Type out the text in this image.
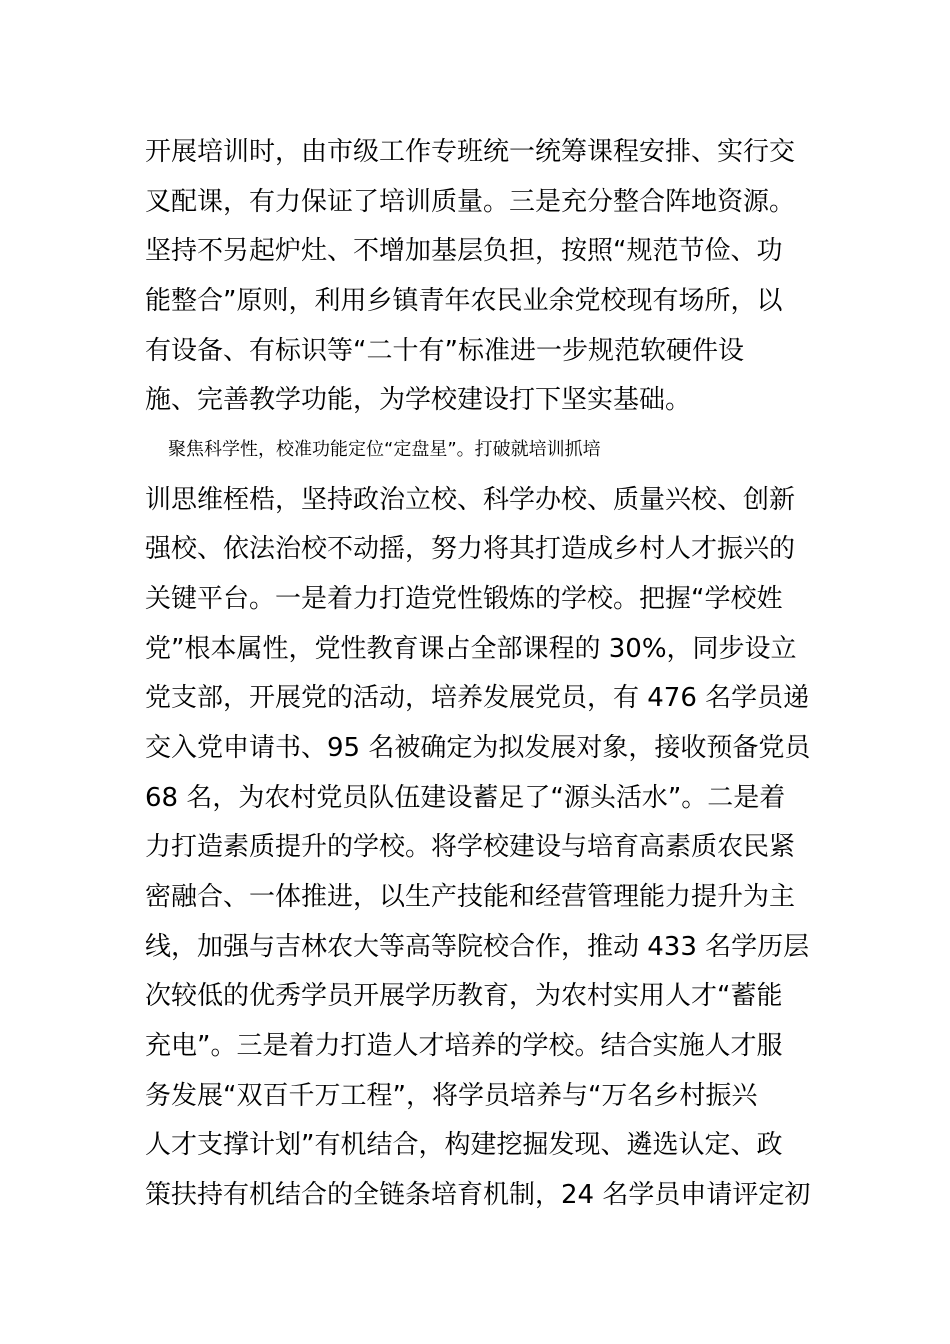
开展培训时，由市级工作专班统一统筹课程安排、实行交
叉配课，有力保证了培训质量。三是充分整合阵地资源。
坚持不另起炉灶、不增加基层负担，按照“规范节俭、功
能整合”原则，利用乡镇青年农民业余党校现有场所，以
有设备、有标识等“二十有”标准进一步规范软硬件设
施、完善教学功能，为学校建设打下坚实基础。
聚焦科学性，校准功能定位“定盘星”。打破就培训抓培
训思维桎梏，坚持政治立校、科学办校、质量兴校、创新
强校、依法治校不动摇，努力将其打造成乡村人才振兴的
关键平台。一是着力打造党性锻炼的学校。把握“学校姓
党”根本属性，党性教育课占全部课程的 30%，同步设立
党支部，开展党的活动，培养发展党员，有 476 名学员递
交入党申请书、95 名被确定为拟发展对象，接收预备党员
68 名，为农村党员队伍建设蓄足了“源头活水”。二是着
力打造素质提升的学校。将学校建设与培育高素质农民紧
密融合、一体推进，以生产技能和经营管理能力提升为主
线，加强与吉林农大等高等院校合作，推动 433 名学历层
次较低的优秀学员开展学历教育，为农村实用人才“蓄能
充电”。三是着力打造人才培养的学校。结合实施人才服
务发展“双百千万工程”，将学员培养与“万名乡村振兴
人才支撑计划”有机结合，构建挖掘发现、遴选认定、政
策扶持有机结合的全链条培育机制，24 名学员申请评定初
